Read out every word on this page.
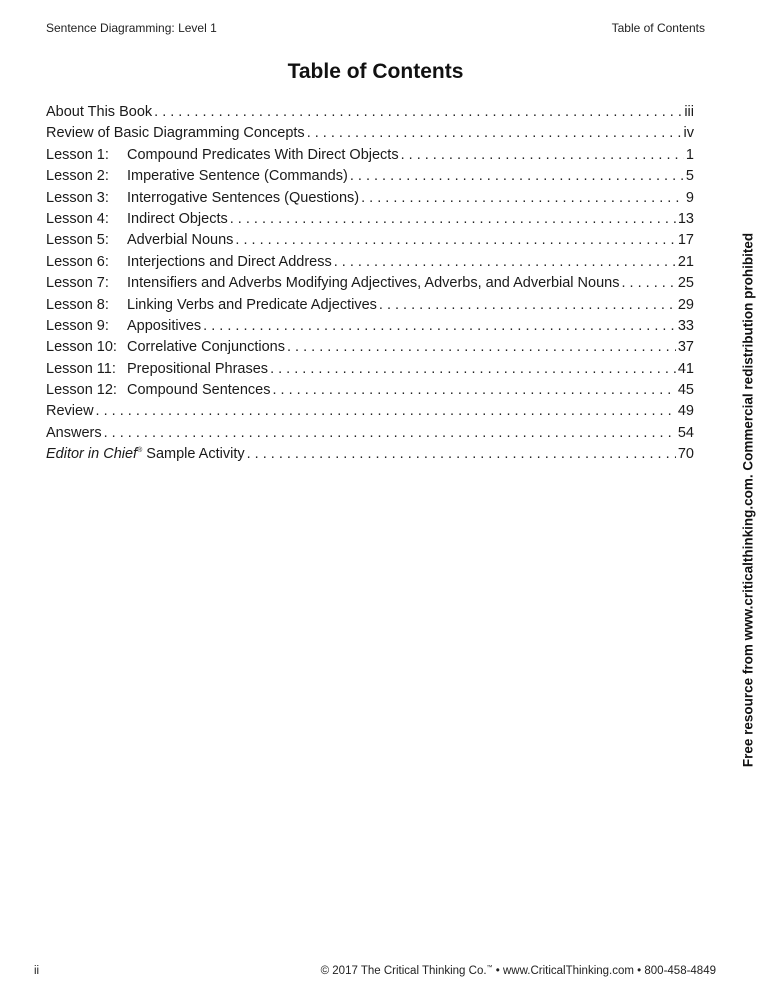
Sentence Diagramming: Level 1	Table of Contents
Table of Contents
About This Book . . .	iii
Review of Basic Diagramming Concepts . . .	iv
Lesson 1:	Compound Predicates With Direct Objects . . .	1
Lesson 2:	Imperative Sentence (Commands) . . .	5
Lesson 3:	Interrogative Sentences (Questions) . . .	9
Lesson 4:	Indirect Objects . . .	13
Lesson 5:	Adverbial Nouns . . .	17
Lesson 6:	Interjections and Direct Address . . .	21
Lesson 7:	Intensifiers and Adverbs Modifying Adjectives, Adverbs, and Adverbial Nouns . . .	25
Lesson 8:	Linking Verbs and Predicate Adjectives . . .	29
Lesson 9:	Appositives . . .	33
Lesson 10: Correlative Conjunctions . . .	37
Lesson 11: Prepositional Phrases . . .	41
Lesson 12: Compound Sentences . . .	45
Review . . .	49
Answers . . .	54
Editor in Chief® Sample Activity . . .	70	Free resource from www.criticalthinking.com. Commercial redistribution prohibited
ii	© 2017 The Critical Thinking Co.™ • www.CriticalThinking.com • 800-458-4849
